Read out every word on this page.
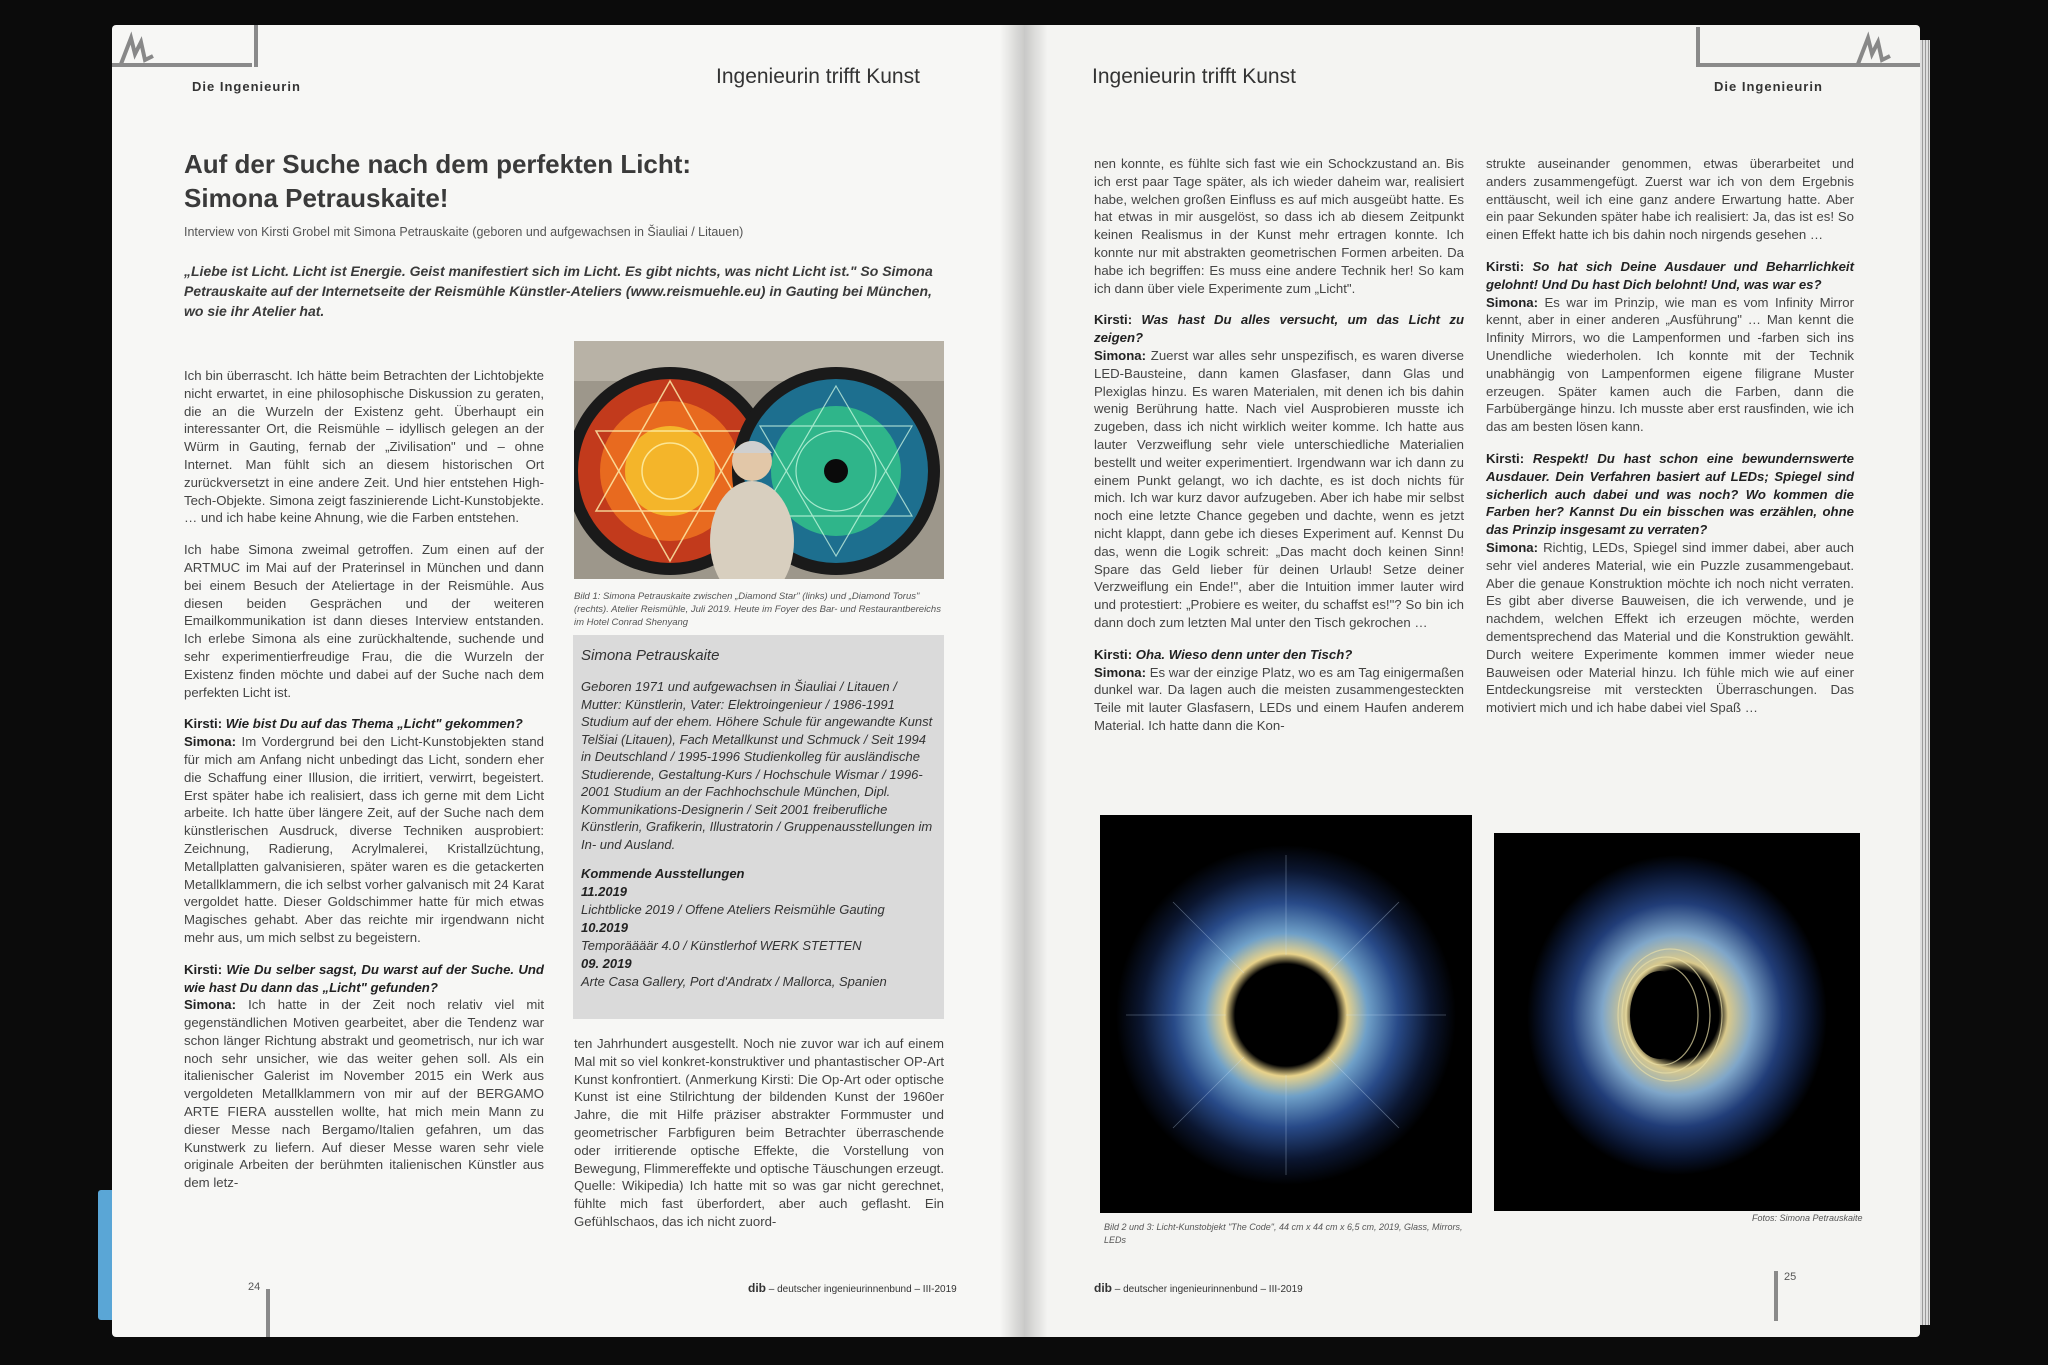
Die Ingenieurin	Ingenieurin trifft Kunst
Auf der Suche nach dem perfekten Licht:
Simona Petrauskaite!
Interview von Kirsti Grobel mit Simona Petrauskaite (geboren und aufgewachsen in Šiauliai / Litauen)
„Liebe ist Licht. Licht ist Energie. Geist manifestiert sich im Licht. Es gibt nichts, was nicht Licht ist." So Simona Petrauskaite auf der Internetseite der Reismühle Künstler-Ateliers (www.reismuehle.eu) in Gauting bei München, wo sie ihr Atelier hat.

Ich bin überrascht. Ich hätte beim Betrachten der Lichtobjekte nicht erwartet, in eine philosophische Diskussion zu geraten, die an die Wurzeln der Existenz geht. Überhaupt ein interessanter Ort, die Reismühle – idyllisch gelegen an der Würm in Gauting, fernab der „Zivilisation" und – ohne Internet. Man fühlt sich an diesem historischen Ort zurückversetzt in eine andere Zeit. Und hier entstehen High-Tech-Objekte. Simona zeigt faszinierende Licht-Kunstobjekte. … und ich habe keine Ahnung, wie die Farben entstehen.

Ich habe Simona zweimal getroffen. Zum einen auf der ARTMUC im Mai auf der Praterinsel in München und dann bei einem Besuch der Ateliertage in der Reismühle. Aus diesen beiden Gesprächen und der weiteren Emailkommunikation ist dann dieses Interview entstanden. Ich erlebe Simona als eine zurückhaltende, suchende und sehr experimentierfreudige Frau, die die Wurzeln der Existenz finden möchte und dabei auf der Suche nach dem perfekten Licht ist.

Kirsti: Wie bist Du auf das Thema „Licht" gekommen?

Simona: Im Vordergrund bei den Licht-Kunstobjekten stand für mich am Anfang nicht unbedingt das Licht, sondern eher die Schaffung einer Illusion, die irritiert, verwirrt, begeistert. Erst später habe ich realisiert, dass ich gerne mit dem Licht arbeite. Ich hatte über längere Zeit, auf der Suche nach dem künstlerischen Ausdruck, diverse Techniken ausprobiert: Zeichnung, Radierung, Acrylmalerei, Kristallzüchtung, Metallplatten galvanisieren, später waren es die getackerten Metallklammern, die ich selbst vorher galvanisch mit 24 Karat vergoldet hatte. Dieser Goldschimmer hatte für mich etwas Magisches gehabt. Aber das reichte mir irgendwann nicht mehr aus, um mich selbst zu begeistern.

Kirsti: Wie Du selber sagst, Du warst auf der Suche. Und wie hast Du dann das „Licht" gefunden?

Simona: Ich hatte in der Zeit noch relativ viel mit gegenständlichen Motiven gearbeitet, aber die Tendenz war schon länger Richtung abstrakt und geometrisch, nur ich war noch sehr unsicher, wie das weiter gehen soll. Als ein italienischer Galerist im November 2015 ein Werk aus vergoldeten Metallklammern von mir auf der BERGAMO ARTE FIERA ausstellen wollte, hat mich mein Mann zu dieser Messe nach Bergamo/Italien gefahren, um das Kunstwerk zu liefern. Auf dieser Messe waren sehr viele originale Arbeiten der berühmten italienischen Künstler aus dem letz-

Bild 1: Simona Petrauskaite zwischen „Diamond Star" (links) und „Diamond Torus" (rechts). Atelier Reismühle, Juli 2019. Heute im Foyer des Bar- und Restaurantbereichs im Hotel Conrad Shenyang
Simona Petrauskaite
Geboren 1971 und aufgewachsen in Šiauliai / Litauen / Mutter: Künstlerin, Vater: Elektroingenieur / 1986-1991 Studium auf der ehem. Höhere Schule für angewandte Kunst Telšiai (Litauen), Fach Metallkunst und Schmuck / Seit 1994 in Deutschland / 1995-1996 Studienkolleg für ausländische Studierende, Gestaltung-Kurs / Hochschule Wismar / 1996-2001 Studium an der Fachhochschule München, Dipl. Kommunikations-Designerin / Seit 2001 freiberufliche Künstlerin, Grafikerin, Illustratorin / Gruppenausstellungen im In- und Ausland.
Kommende Ausstellungen
11.2019
Lichtblicke 2019 / Offene Ateliers Reismühle Gauting
10.2019
Temporäääär 4.0 / Künstlerhof WERK STETTEN
09. 2019
Arte Casa Gallery, Port d'Andratx / Mallorca, Spanien

ten Jahrhundert ausgestellt. Noch nie zuvor war ich auf einem Mal mit so viel konkret-konstruktiver und phantastischer OP-Art Kunst konfrontiert. (Anmerkung Kirsti: Die Op-Art oder optische Kunst ist eine Stilrichtung der bildenden Kunst der 1960er Jahre, die mit Hilfe präziser abstrakter Formmuster und geometrischer Farbfiguren beim Betrachter überraschende oder irritierende optische Effekte, die Vorstellung von Bewegung, Flimmereffekte und optische Täuschungen erzeugt. Quelle: Wikipedia) Ich hatte mit so was gar nicht gerechnet, fühlte mich fast überfordert, aber auch geflasht. Ein Gefühlschaos, das ich nicht zuord-

24	dib – deutscher ingenieurinnenbund – III-2019
Ingenieurin trifft Kunst	Die Ingenieurin

nen konnte, es fühlte sich fast wie ein Schockzustand an. Bis ich erst paar Tage später, als ich wieder daheim war, realisiert habe, welchen großen Einfluss es auf mich ausgeübt hatte. Es hat etwas in mir ausgelöst, so dass ich ab diesem Zeitpunkt keinen Realismus in der Kunst mehr ertragen konnte. Ich konnte nur mit abstrakten geometrischen Formen arbeiten. Da habe ich begriffen: Es muss eine andere Technik her! So kam ich dann über viele Experimente zum „Licht".

Kirsti: Was hast Du alles versucht, um das Licht zu zeigen?

Simona: Zuerst war alles sehr unspezifisch, es waren diverse LED-Bausteine, dann kamen Glasfaser, dann Glas und Plexiglas hinzu. Es waren Materialen, mit denen ich bis dahin wenig Berührung hatte. Nach viel Ausprobieren musste ich zugeben, dass ich nicht wirklich weiter komme. Ich hatte aus lauter Verzweiflung sehr viele unterschiedliche Materialien bestellt und weiter experimentiert. Irgendwann war ich dann zu einem Punkt gelangt, wo ich dachte, es ist doch nichts für mich. Ich war kurz davor aufzugeben. Aber ich habe mir selbst noch eine letzte Chance gegeben und dachte, wenn es jetzt nicht klappt, dann gebe ich dieses Experiment auf. Kennst Du das, wenn die Logik schreit: „Das macht doch keinen Sinn! Spare das Geld lieber für deinen Urlaub! Setze deiner Verzweiflung ein Ende!", aber die Intuition immer lauter wird und protestiert: „Probiere es weiter, du schaffst es!"? So bin ich dann doch zum letzten Mal unter den Tisch gekrochen …

Kirsti: Oha. Wieso denn unter den Tisch?

Simona: Es war der einzige Platz, wo es am Tag einigermaßen dunkel war. Da lagen auch die meisten zusammengesteckten Teile mit lauter Glasfasern, LEDs und einem Haufen anderem Material. Ich hatte dann die Kon-

strukte auseinander genommen, etwas überarbeitet und anders zusammengefügt. Zuerst war ich von dem Ergebnis enttäuscht, weil ich eine ganz andere Erwartung hatte. Aber ein paar Sekunden später habe ich realisiert: Ja, das ist es! So einen Effekt hatte ich bis dahin noch nirgends gesehen …

Kirsti: So hat sich Deine Ausdauer und Beharrlichkeit gelohnt! Und Du hast Dich belohnt! Und, was war es?

Simona: Es war im Prinzip, wie man es vom Infinity Mirror kennt, aber in einer anderen „Ausführung" … Man kennt die Infinity Mirrors, wo die Lampenformen und -farben sich ins Unendliche wiederholen. Ich konnte mit der Technik unabhängig von Lampenformen eigene filigrane Muster erzeugen. Später kamen auch die Farben, dann die Farbübergänge hinzu. Ich musste aber erst rausfinden, wie ich das am besten lösen kann.

Kirsti: Respekt! Du hast schon eine bewundernswerte Ausdauer. Dein Verfahren basiert auf LEDs; Spiegel sind sicherlich auch dabei und was noch? Wo kommen die Farben her? Kannst Du ein bisschen was erzählen, ohne das Prinzip insgesamt zu verraten?

Simona: Richtig, LEDs, Spiegel sind immer dabei, aber auch sehr viel anderes Material, wie ein Puzzle zusammengebaut. Aber die genaue Konstruktion möchte ich noch nicht verraten. Es gibt aber diverse Bauweisen, die ich verwende, und je nachdem, welchen Effekt ich erzeugen möchte, werden dementsprechend das Material und die Konstruktion gewählt. Durch weitere Experimente kommen immer wieder neue Bauweisen oder Material hinzu. Ich fühle mich wie auf einer Entdeckungsreise mit versteckten Überraschungen. Das motiviert mich und ich habe dabei viel Spaß …

Bild 2 und 3: Licht-Kunstobjekt "The Code", 44 cm x 44 cm x 6,5 cm, 2019, Glass, Mirrors, LEDs
Fotos: Simona Petrauskaite
dib – deutscher ingenieurinnenbund – III-2019
25
